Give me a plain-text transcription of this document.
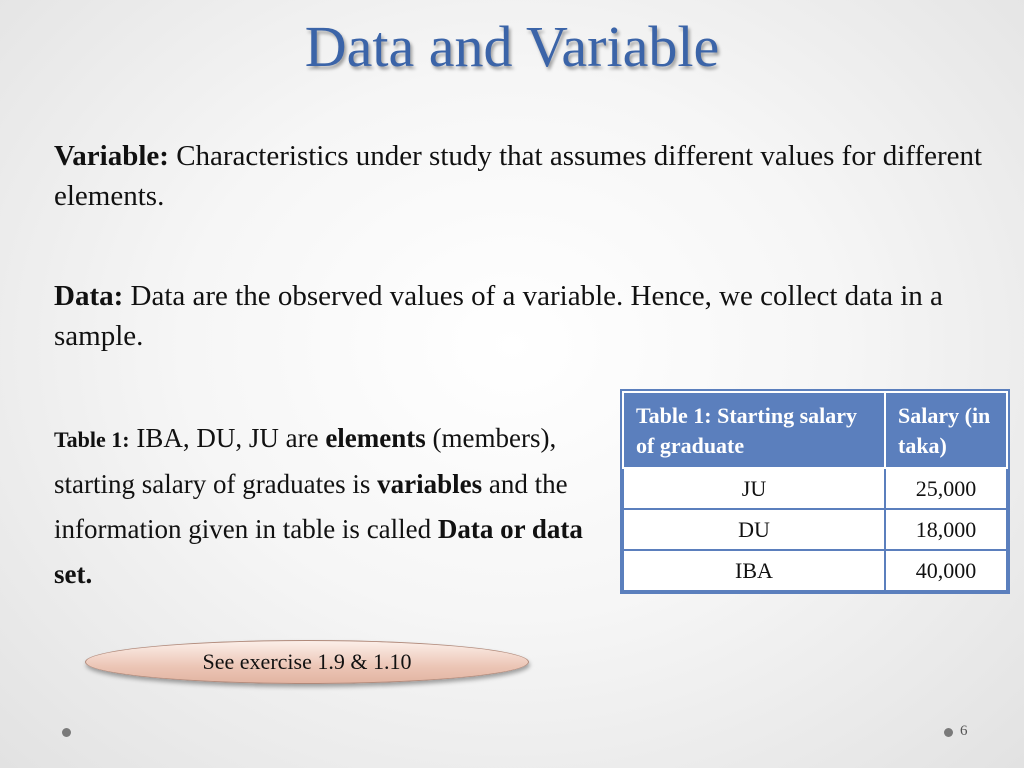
Data and Variable
Variable: Characteristics under study that assumes different values for different elements.
Data: Data are the observed values of a variable. Hence, we collect data in a sample.
Table 1: IBA, DU, JU are elements (members), starting salary of graduates is variables and the information given in table is called Data or data set.
Table 1: Starting salary of graduate	Salary (in taka)
JU	25,000
DU	18,000
IBA	40,000
See exercise 1.9 & 1.10
6
